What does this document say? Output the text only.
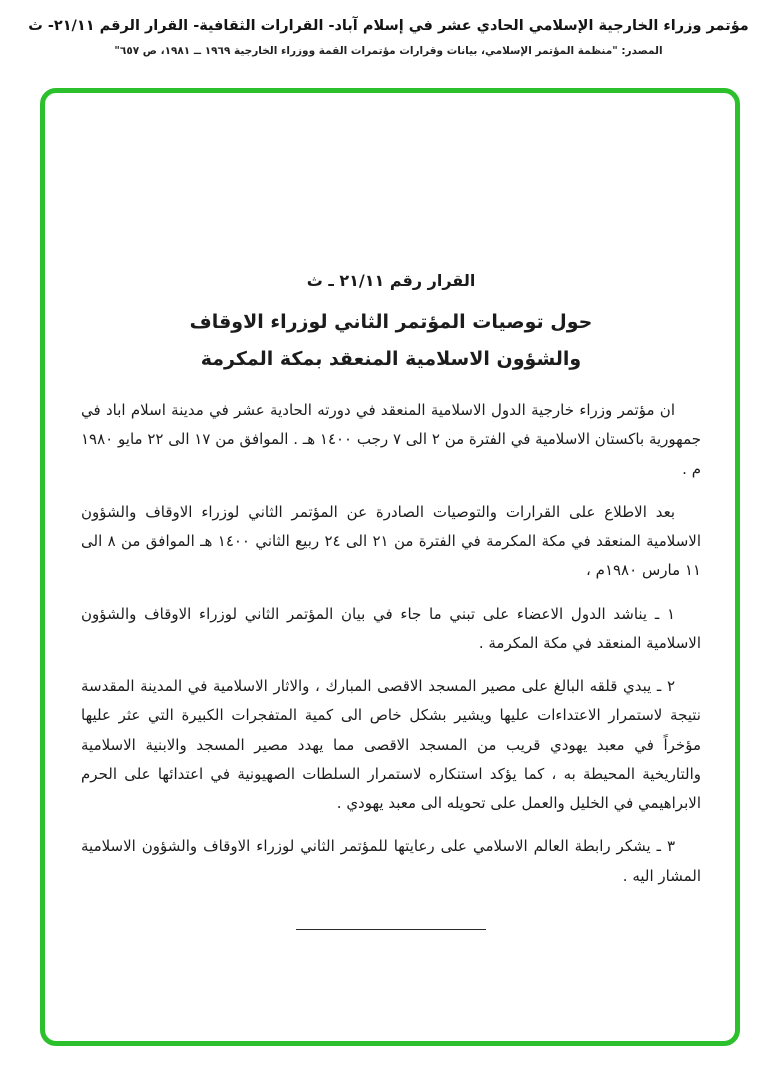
مؤتمر وزراء الخارجية الإسلامي الحادي عشر في إسلام آباد- القرارات الثقافية- القرار الرقم ٢١/١١- ث
المصدر: "منظمة المؤتمر الإسلامي، بيانات وقرارات مؤتمرات القمة ووزراء الخارجية ١٩٦٩ ــ ١٩٨١، ص ٦٥٧"
القرار رقم ٢١/١١ ـ ث
حول توصيات المؤتمر الثاني لوزراء الاوقاف
والشؤون الاسلامية المنعقد بمكة المكرمة

ان مؤتمر وزراء خارجية الدول الاسلامية المنعقد في دورته الحادية عشر في مدينة اسلام اباد في جمهورية باكستان الاسلامية في الفترة من ٢ الى ٧ رجب ١٤٠٠ هـ . الموافق من ١٧ الى ٢٢ مايو ١٩٨٠ م .

بعد الاطلاع على القرارات والتوصيات الصادرة عن المؤتمر الثاني لوزراء الاوقاف والشؤون الاسلامية المنعقد في مكة المكرمة في الفترة من ٢١ الى ٢٤ ربيع الثاني ١٤٠٠ هـ الموافق من ٨ الى ١١ مارس ١٩٨٠م ،

١ ـ يناشد الدول الاعضاء على تبني ما جاء في بيان المؤتمر الثاني لوزراء الاوقاف والشؤون الاسلامية المنعقد في مكة المكرمة .

٢ ـ يبدي قلقه البالغ على مصير المسجد الاقصى المبارك ، والاثار الاسلامية في المدينة المقدسة نتيجة لاستمرار الاعتداءات عليها ويشير بشكل خاص الى كمية المتفجرات الكبيرة التي عثر عليها مؤخراً في معبد يهودي قريب من المسجد الاقصى مما يهدد مصير المسجد والابنية الاسلامية والتاريخية المحيطة به ، كما يؤكد استنكاره لاستمرار السلطات الصهيونية في اعتدائها على الحرم الابراهيمي في الخليل والعمل على تحويله الى معبد يهودي .

٣ ـ يشكر رابطة العالم الاسلامي على رعايتها للمؤتمر الثاني لوزراء الاوقاف والشؤون الاسلامية المشار اليه .
